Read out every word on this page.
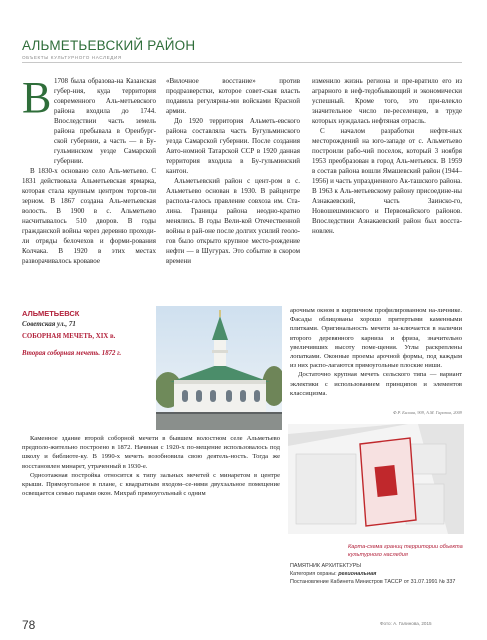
АЛЬМЕТЬЕВСКИЙ РАЙОН
ОБЪЕКТЫ КУЛЬТУРНОГО НАСЛЕДИЯ
В 1708 была образова-на Казанская губер-ния, куда территория современного Аль-метьевского района входила до 1744. Впоследствии часть земель района пребывала в Оренбург-ской губернии, а часть — в Бу-гульминском уезде Самарской губернии.

В 1830-х основано село Аль-метьево. С 1831 действовала Альметьевская ярмарка, которая стала крупным центром торгов-ли зерном. В 1867 создана Аль-метьевская волость. В 1900 в с. Альметьево насчитывалось 510 дворов. В годы гражданской войны через деревню проходи-ли отряды белочехов и форми-рования Колчака. В 1920 в этих местах разворачивалось кровавое

«Вилочное восстание» против продразверстки, которое совет-ская власть подавила регулярны-ми войсками Красной армии.

До 1920 территория Альметь-евского района составляла часть Бугульминского уезда Самарской губернии. После создания Авто-номной Татарской ССР в 1920 данная территория входила в Бу-гульминский кантон.

Альметьевский район с цент-ром в с. Альметьево основан в 1930. В райцентре распола-галось правление совхоза им. Ста-лина. Границы района неодно-кратно менялись. В годы Вели-кой Отечественной войны в рай-оне после долгих усилий геоло-гов было открыто крупное место-рождение нефти — в Шугурах. Это событие в скором времени

изменило жизнь региона и пре-вратило его из аграрного в неф-тедобывающий и экономически успешный. Кроме того, это при-влекло значительное число пе-реселенцев, в труде которых нуждалась нефтяная отрасль.

С началом разработки нефтя-ных месторождений на юго-западе от с. Альметьево построили рабо-чий поселок, который 3 ноября 1953 преобразован в город Аль-метьевск. В 1959 в состав района вошли Ямашевский район (1944–1956) и часть упраздненного Ак-ташского района. В 1963 к Аль-метьевскому району присоедине-ны Азнакаевский, часть Заинско-го, Новошешминского и Первомайского районов. Впоследствии Азнакаевский район был восста-новлен.

АЛЬМЕТЬЕВСК
Советская ул., 71
СОБОРНАЯ МЕЧЕТЬ, XIX в.
Вторая соборная мечеть. 1872 г.

Каменное здание второй соборной мечети в бывшем волостном селе Альметьево предполо-жительно построено в 1872. Начиная с 1920-х по-мещение использовалось под школу и библиоте-ку. В 1990-х мечеть возобновила свою деятель-ность. Тогда же восстановлен минарет, утраченный в 1930-е.

Одноэтажная постройка относится к типу зальных мечетей с минаретом в центре крыши. Прямоугольное в плане, с квадратным входом–се-нями двухзальное помещение освещается семью парами окон. Михраб прямоугольный с одним

арочным окном в кирпичном профилированном на-личнике. Фасады облицованы хорошо притертыми каменными плитками. Оригинальность мечети за-ключается в наличии второго деревянного карниза и фриза, значительно увеличивших высоту поме-щения. Углы раскреплены лопатками. Оконные проемы арочной формы, под каждым из них распо-лагаются прямоугольные плоские ниши.

Достаточно крупная мечеть сельского типа — вариант эклектики с использованием принципов и элементов классицизма.

Ф.Р. Билова, 909, А.М. Гарапов, 2009
Карта-схема границ территории объекта культурного наследия
ПАМЯТНИК АРХИТЕКТУРЫ
Категория охраны: региональная
Постановление Кабинета Министров ТАССР от 31.07.1991 № 337
78	Фото: А. Галинова, 2015
